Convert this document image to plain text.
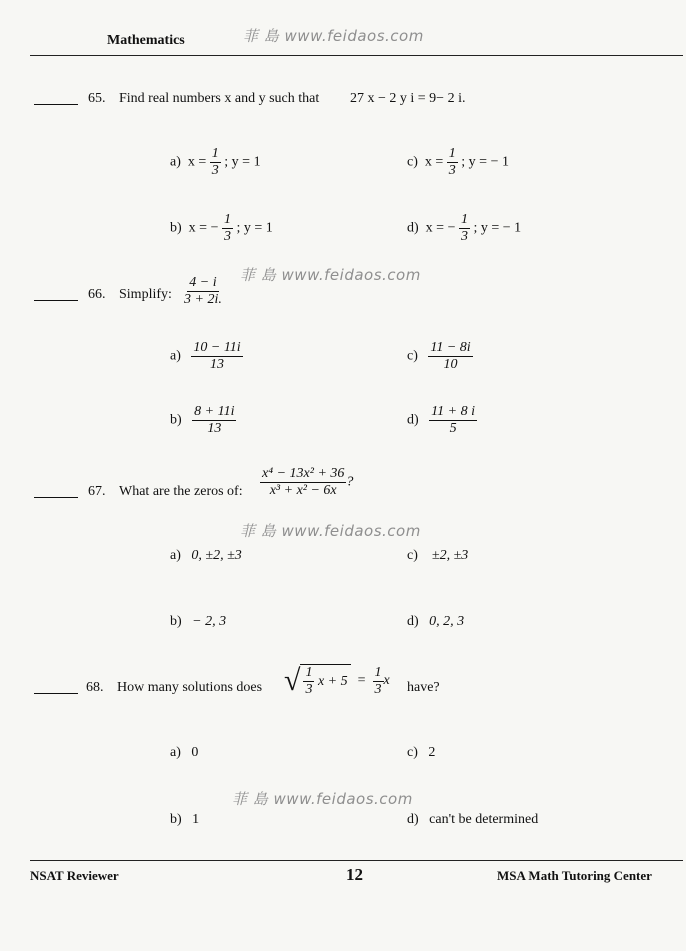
Mathematics	菲 島 www.feidaos.com
65. Find real numbers x and y such that 27 x − 2 y i = 9− 2 i.
a) $x = \frac{1}{3}$ ; y = 1	c) $x = \frac{1}{3}$ ; y = − 1
b) x = − $\frac{1}{3}$ ; y = 1	d) x = − $\frac{1}{3}$ ; y = − 1
菲 島 www.feidaos.com
66. Simplify: $\frac{4 - i}{3 + 2i.}$
$a) \frac{10 - 11i}{13}$	$c) \frac{11 - 8i}{10}$
$b) \frac{8 + 11i}{13}$	$d) \frac{11 + 8 i}{5}$
67. What are the zeros of: $\frac{\text{x⁴ − 13x² + 36}}{\text{x³ + x² − 6x}}$ ?
菲 島 www.feidaos.com
a) 0, ±2, ±3	c) ±2, ±3
b) − 2, 3	d) 0, 2, 3
68. How many solutions does √ $\frac{1}{3}$
$x + 5 = \frac{1}{3}$ x have?
a) 0	c) 2
菲 島 www.feidaos.com
b) 1	d) can't be determined
NSAT Reviewer	12	MSA Math Tutoring Center
